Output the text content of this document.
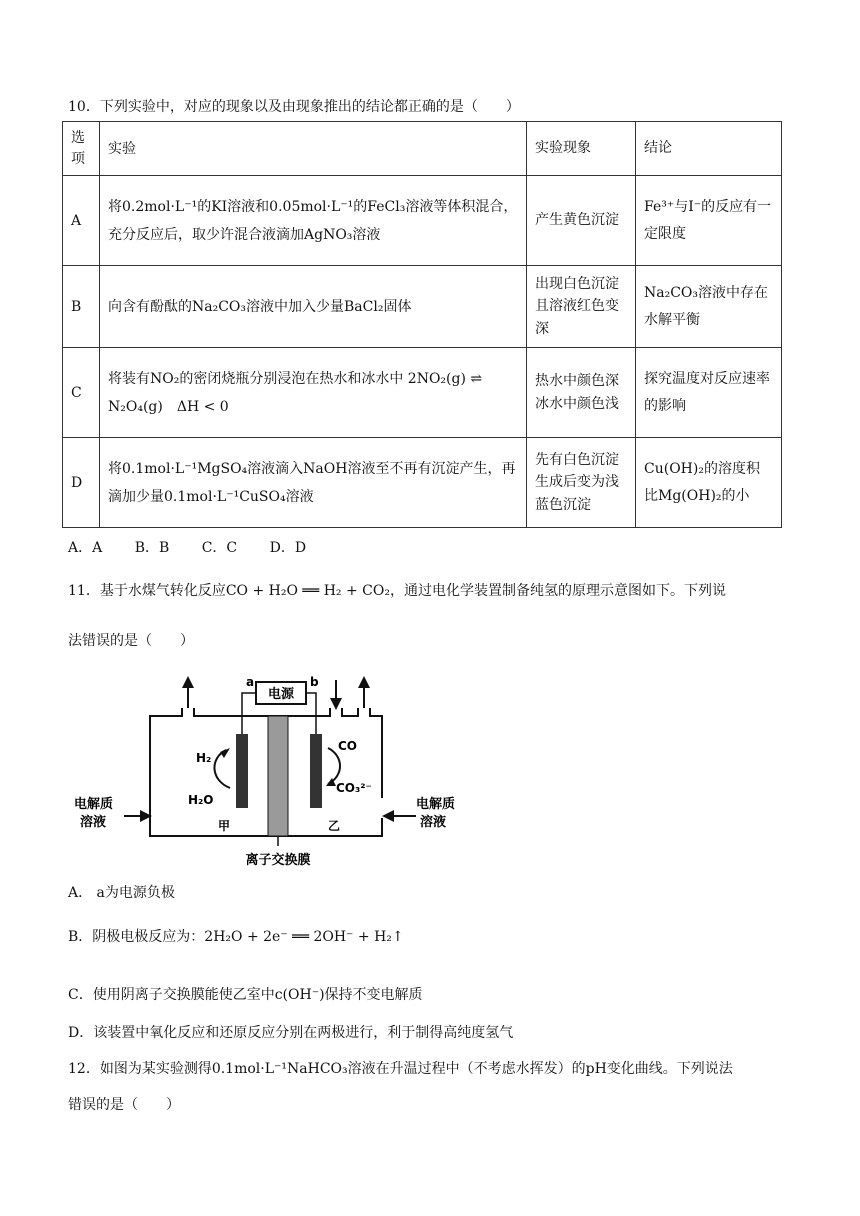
10．下列实验中，对应的现象以及由现象推出的结论都正确的是（　　）
选项	实验	实验现象	结论
A	将0.2mol·L⁻¹的KI溶液和0.05mol·L⁻¹的FeCl₃溶液等体积混合，充分反应后，取少许混合液滴加AgNO₃溶液	产生黄色沉淀	Fe³⁺与I⁻的反应有一定限度
B	向含有酚酞的Na₂CO₃溶液中加入少量BaCl₂固体	出现白色沉淀且溶液红色变深	Na₂CO₃溶液中存在水解平衡
C	将装有NO₂的密闭烧瓶分别浸泡在热水和冰水中 2NO₂(g) ⇌ N₂O₄(g)　ΔH < 0	热水中颜色深冰水中颜色浅	探究温度对反应速率的影响
D	将0.1mol·L⁻¹MgSO₄溶液滴入NaOH溶液至不再有沉淀产生，再滴加少量0.1mol·L⁻¹CuSO₄溶液	先有白色沉淀生成后变为浅蓝色沉淀	Cu(OH)₂的溶度积比Mg(OH)₂的小
A．A B．B C．C D．D
11．基于水煤气转化反应CO + H₂O ══ H₂ + CO₂，通过电化学装置制备纯氢的原理示意图如下。下列说
法错误的是（　　）
电源
a	b
H₂
H₂O
CO
CO₃²⁻
甲	乙
电解质溶液
电解质溶液
离子交换膜
A． a为电源负极
B．阴极电极反应为：2H₂O + 2e⁻ ══ 2OH⁻ + H₂↑
C．使用阴离子交换膜能使乙室中c(OH⁻)保持不变电解质
D．该装置中氧化反应和还原反应分别在两极进行，利于制得高纯度氢气
12．如图为某实验测得0.1mol·L⁻¹NaHCO₃溶液在升温过程中（不考虑水挥发）的pH变化曲线。下列说法
错误的是（　　）
